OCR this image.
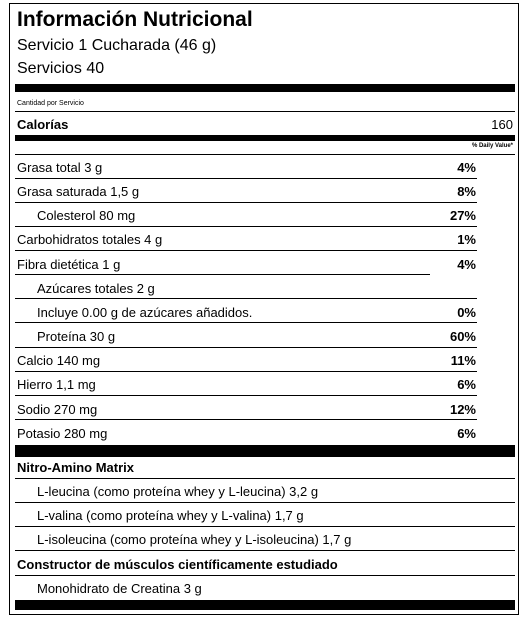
Información Nutricional
Servicio 1 Cucharada (46 g)
Servicios 40
Cantidad por Servicio
Calorías	160
% Daily Value*
Grasa total 3 g	4%
Grasa saturada 1,5 g	8%
Colesterol 80 mg	27%
Carbohidratos totales 4 g	1%
Fibra dietética 1 g	4%
Azúcares totales 2 g
Incluye 0.00 g de azúcares añadidos.	0%
Proteína 30 g	60%
Calcio 140 mg	11%
Hierro 1,1 mg	6%
Sodio 270 mg	12%
Potasio 280 mg	6%
Nitro-Amino Matrix
L-leucina (como proteína whey y L-leucina) 3,2 g
L-valina (como proteína whey y L-valina) 1,7 g
L-isoleucina (como proteína whey y L-isoleucina) 1,7 g
Constructor de músculos científicamente estudiado
Monohidrato de Creatina 3 g
